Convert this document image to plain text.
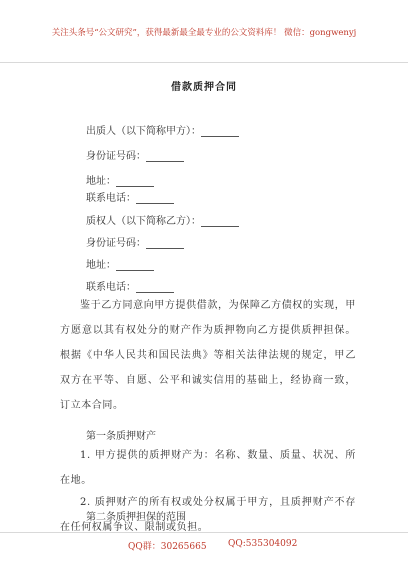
关注头条号“公文研究”，获得最新最全最专业的公文资料库！ 微信：gongwenyj
借款质押合同
出质人（以下简称甲方）：
身份证号码：
地址：
联系电话：
质权人（以下简称乙方）：
身份证号码：
地址：
联系电话：
鉴于乙方同意向甲方提供借款，为保障乙方债权的实现，甲方愿意以其有权处分的财产作为质押物向乙方提供质押担保。根据《中华人民共和国民法典》等相关法律法规的规定，甲乙双方在平等、自愿、公平和诚实信用的基础上，经协商一致，订立本合同。
第一条质押财产
1. 甲方提供的质押财产为：名称、数量、质量、状况、所在地。
2. 质押财产的所有权或处分权属于甲方，且质押财产不存在任何权属争议、限制或负担。
第二条质押担保的范围
QQ群：30265665 QQ:535304092
